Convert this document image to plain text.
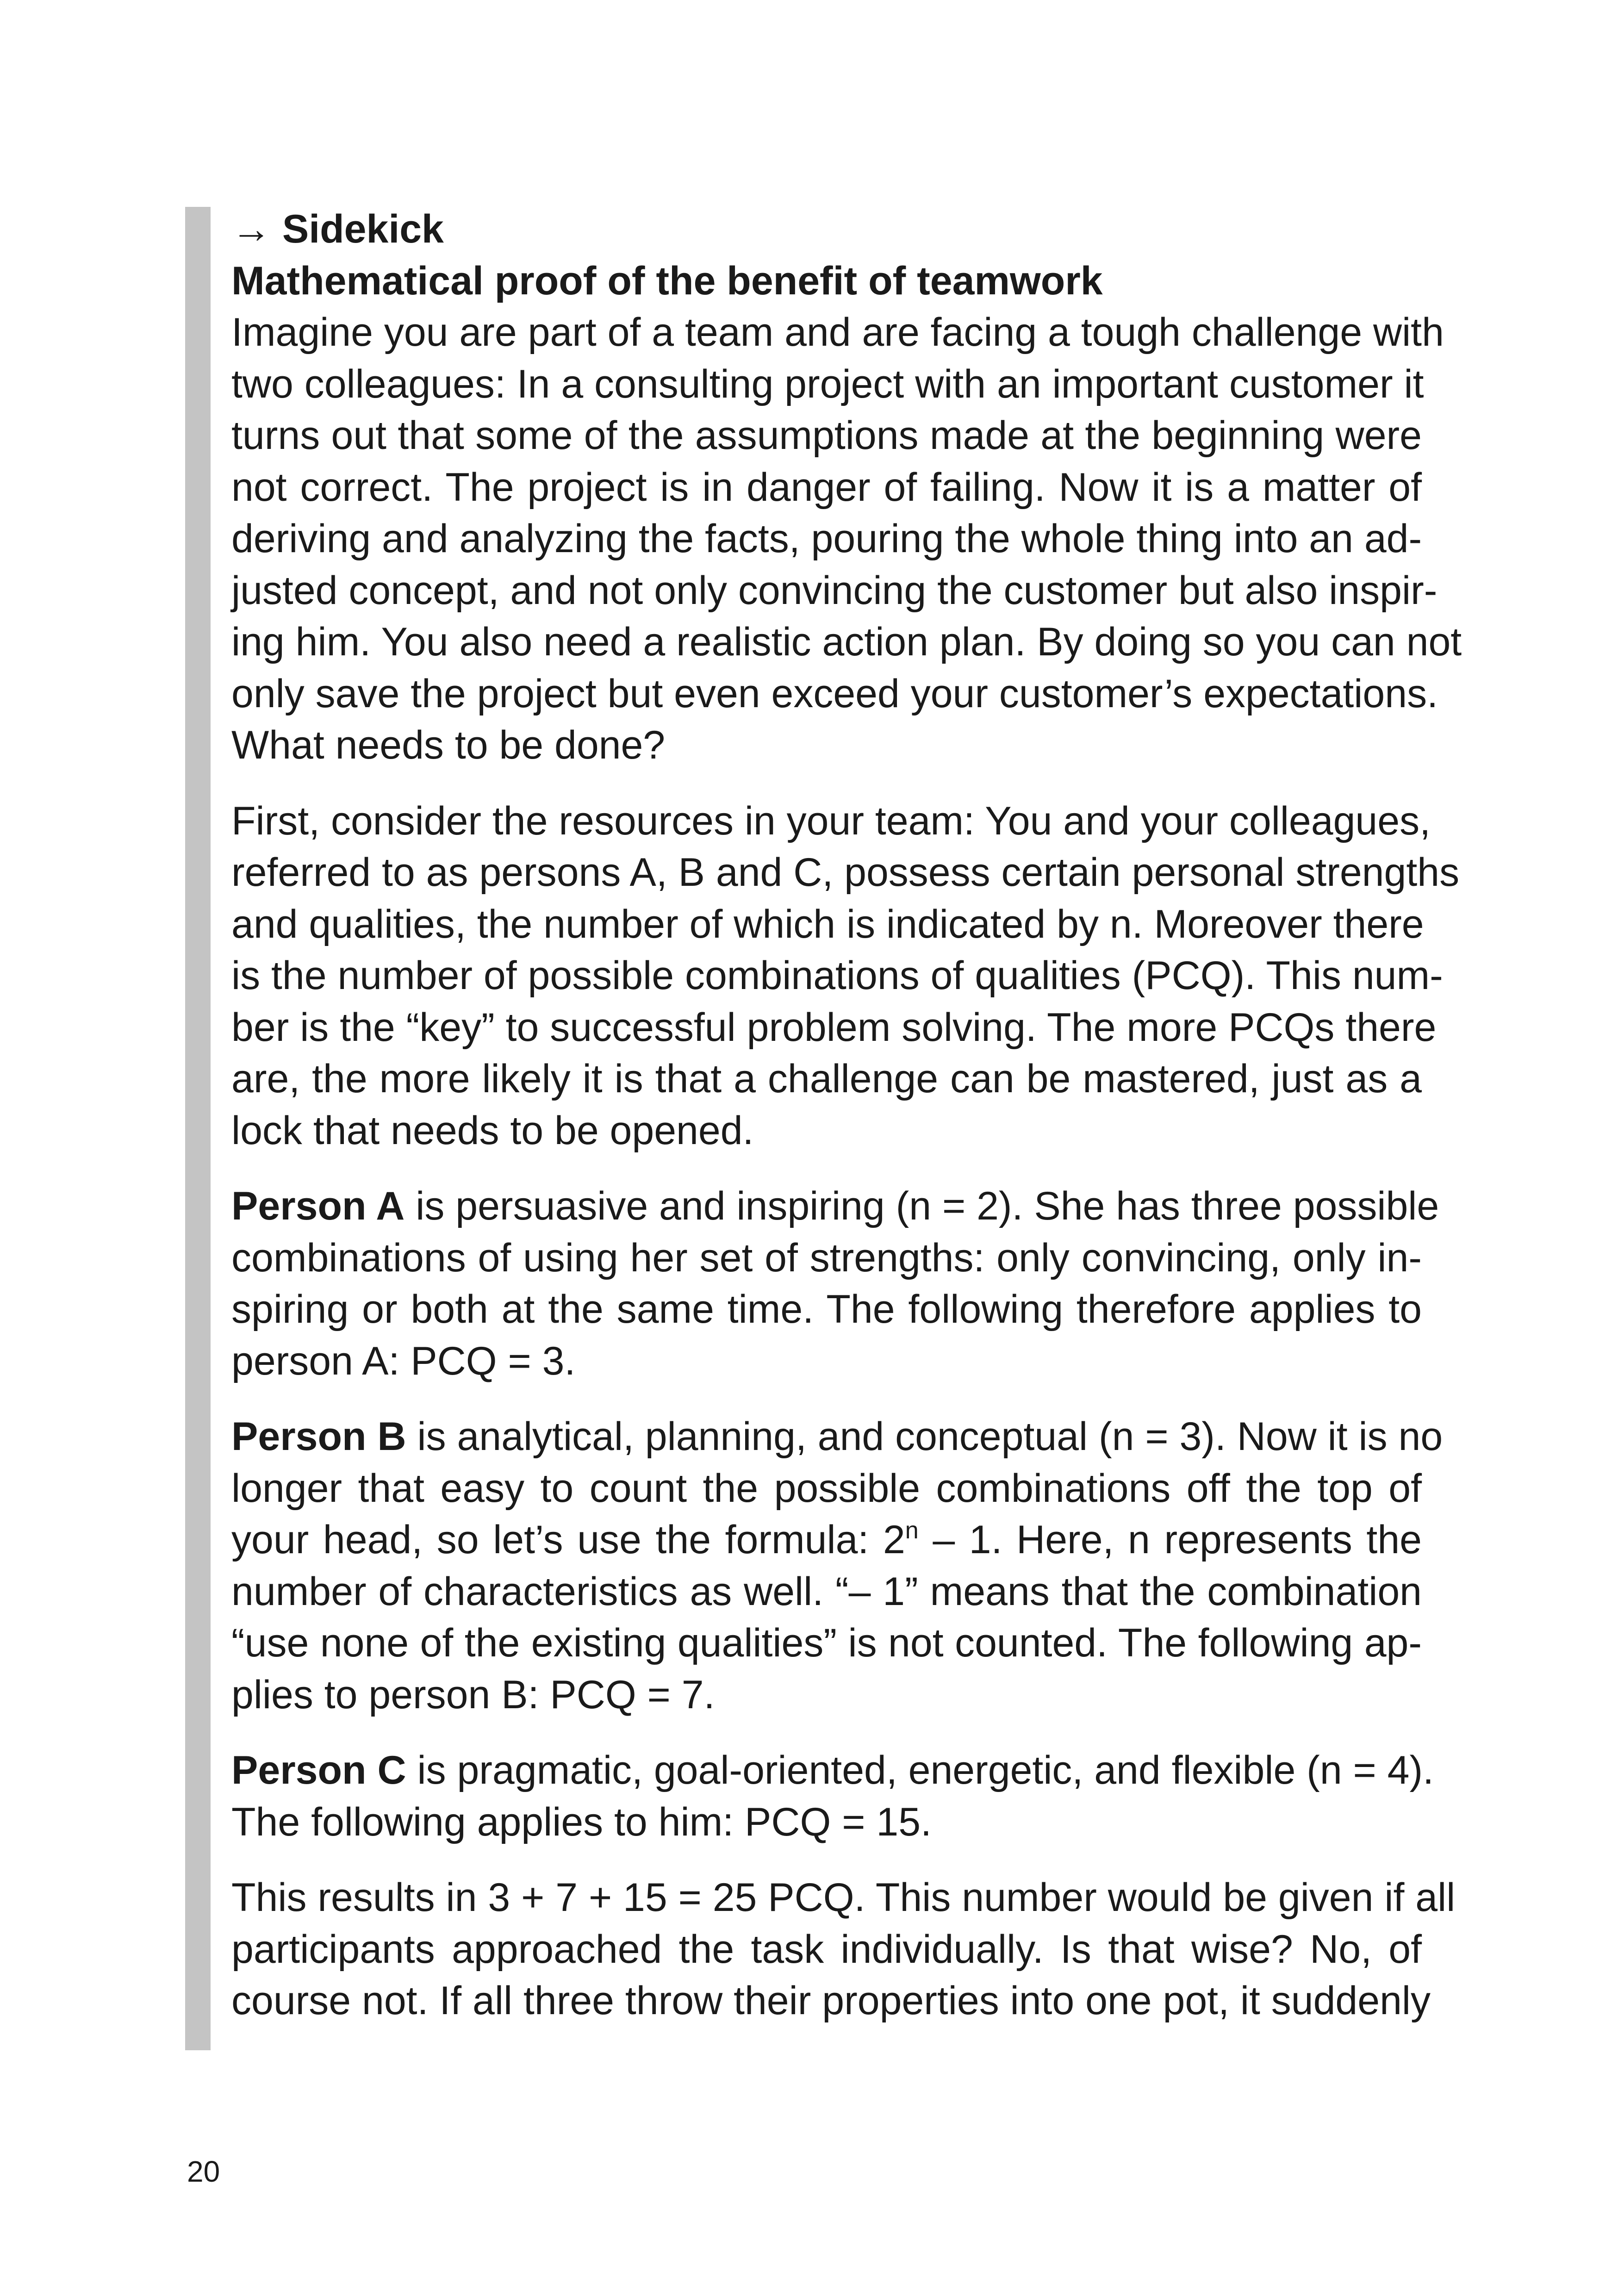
→ Sidekick

Mathematical proof of the benefit of teamwork

Imagine you are part of a team and are facing a tough challenge with
two colleagues: In a consulting project with an important customer it
turns out that some of the assumptions made at the beginning were
not correct. The project is in danger of failing. Now it is a matter of
deriving and analyzing the facts, pouring the whole thing into an ad-
justed concept, and not only convincing the customer but also inspir-
ing him. You also need a realistic action plan. By doing so you can not
only save the project but even exceed your customer’s expectations.
What needs to be done?

First, consider the resources in your team: You and your colleagues,
referred to as persons A, B and C, possess certain personal strengths
and qualities, the number of which is indicated by n. Moreover there
is the number of possible combinations of qualities (PCQ). This num-
ber is the “key” to successful problem solving. The more PCQs there
are, the more likely it is that a challenge can be mastered, just as a
lock that needs to be opened.

Person A is persuasive and inspiring (n = 2). She has three possible
combinations of using her set of strengths: only convincing, only in-
spiring or both at the same time. The following therefore applies to
person A: PCQ = 3.

Person B is analytical, planning, and conceptual (n = 3). Now it is no
longer that easy to count the possible combinations off the top of
your head, so let’s use the formula: 2$^n$ – 1. Here, n represents the
number of characteristics as well. “– 1” means that the combination
“use none of the existing qualities” is not counted. The following ap-
plies to person B: PCQ = 7.

Person C is pragmatic, goal-oriented, energetic, and flexible (n = 4).
The following applies to him: PCQ = 15.

This results in 3 + 7 + 15 = 25 PCQ. This number would be given if all
participants approached the task individually. Is that wise? No, of
course not. If all three throw their properties into one pot, it suddenly

20
